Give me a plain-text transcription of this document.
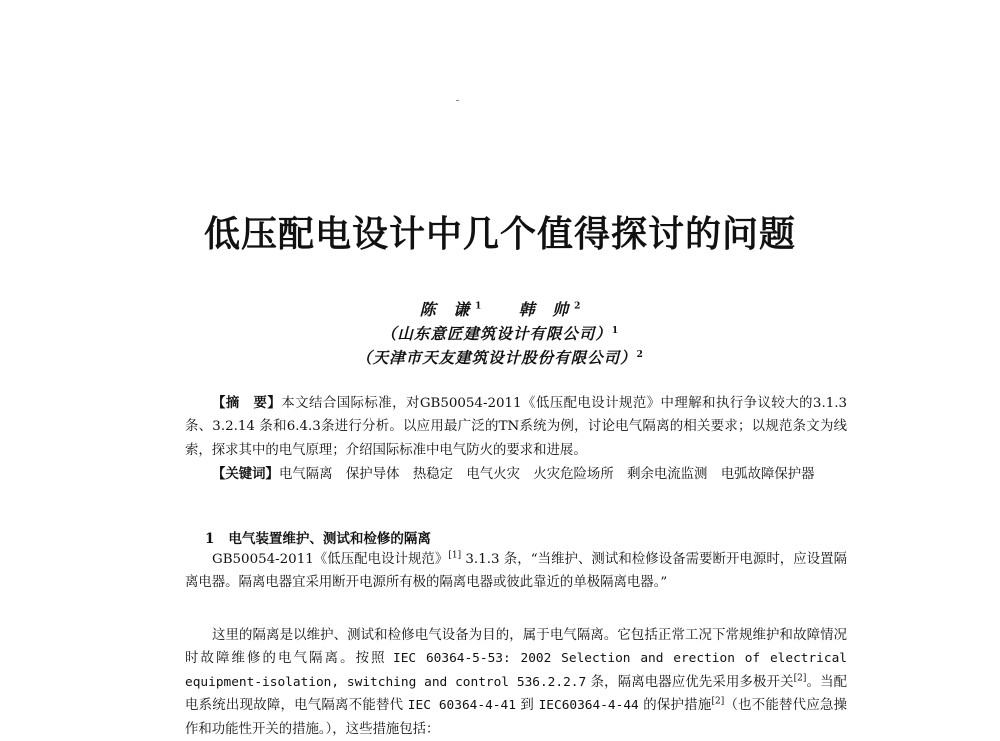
低压配电设计中几个值得探讨的问题
陈 谦$^1$ 韩 帅$^2$
（山东意匠建筑设计有限公司）$^1$
（天津市天友建筑设计股份有限公司）$^2$
【摘　要】本文结合国际标准，对GB50054-2011《低压配电设计规范》中理解和执行争议较大的3.1.3条、3.2.14 条和6.4.3条进行分析。以应用最广泛的TN系统为例，讨论电气隔离的相关要求；以规范条文为线索，探求其中的电气原理；介绍国际标准中电气防火的要求和进展。
【关键词】电气隔离　保护导体　热稳定　电气火灾　火灾危险场所　剩余电流监测　电弧故障保护器
1 电气装置维护、测试和检修的隔离
GB50054-2011《低压配电设计规范》[1] 3.1.3 条，“当维护、测试和检修设备需要断开电源时，应设置隔离电器。隔离电器宜采用断开电源所有极的隔离电器或彼此靠近的单极隔离电器。”
这里的隔离是以维护、测试和检修电气设备为目的，属于电气隔离。它包括正常工况下常规维护和故障情况时故障维修的电气隔离。按照 IEC 60364-5-53: 2002 Selection and erection of electrical equipment-isolation, switching and control 536.2.2.7 条，隔离电器应优先采用多极开关[2]。当配电系统出现故障，电气隔离不能替代 IEC 60364-4-41 到 IEC60364-4-44 的保护措施[2]（也不能替代应急操作和功能性开关的措施。），这些措施包括：
